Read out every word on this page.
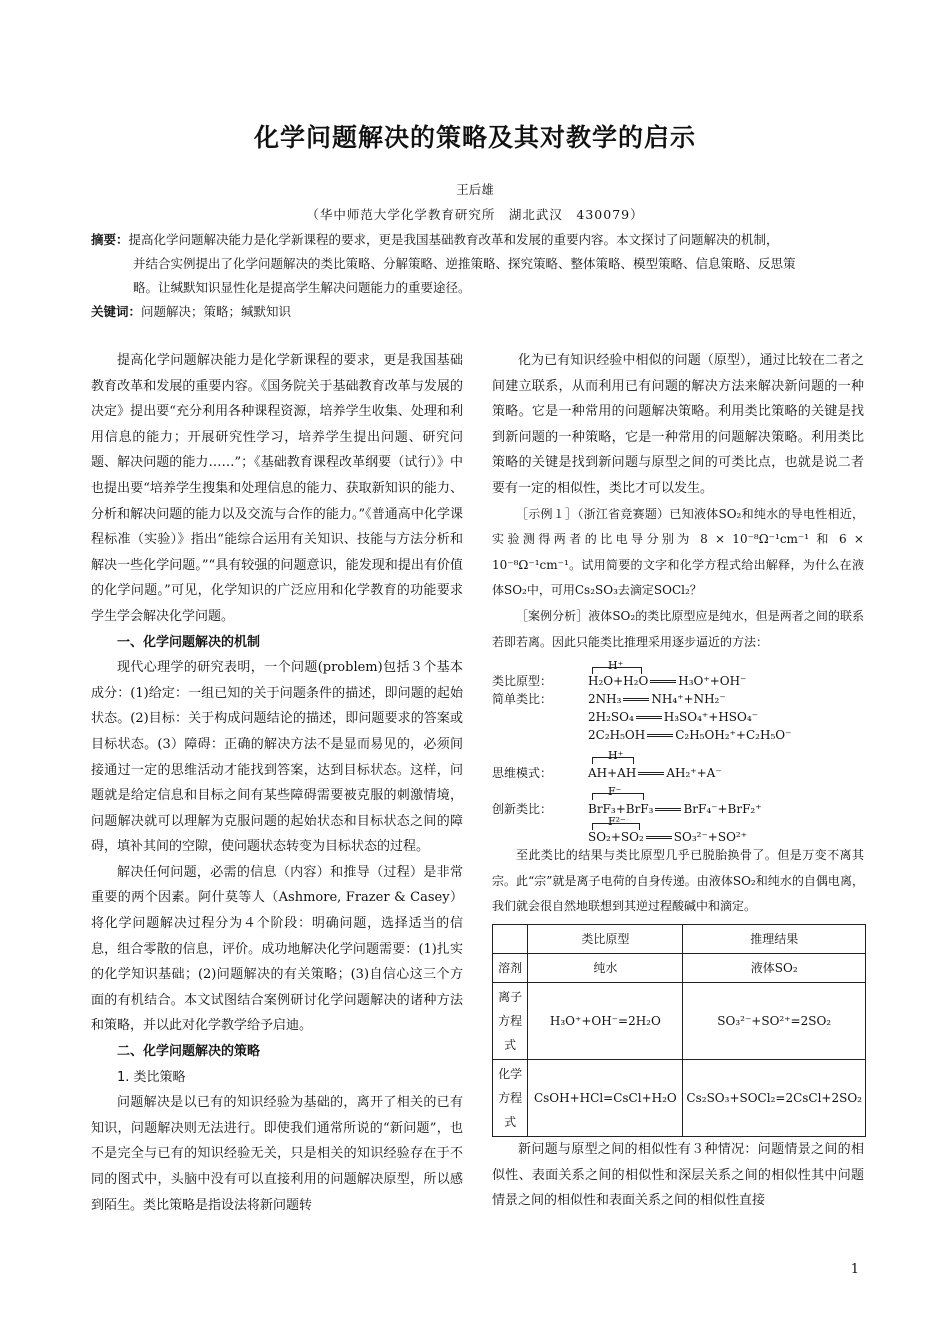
化学问题解决的策略及其对教学的启示
王后雄
（华中师范大学化学教育研究所　湖北武汉　430079）
摘要：提高化学问题解决能力是化学新课程的要求，更是我国基础教育改革和发展的重要内容。本文探讨了问题解决的机制，
并结合实例提出了化学问题解决的类比策略、分解策略、逆推策略、探究策略、整体策略、模型策略、信息策略、反思策
略。让缄默知识显性化是提高学生解决问题能力的重要途径。
关键词：问题解决；策略；缄默知识

提高化学问题解决能力是化学新课程的要求，更是我国基础教育改革和发展的重要内容。《国务院关于基础教育改革与发展的决定》提出要“充分利用各种课程资源，培养学生收集、处理和利用信息的能力；开展研究性学习，培养学生提出问题、研究问题、解决问题的能力……”；《基础教育课程改革纲要（试行）》中也提出要“培养学生搜集和处理信息的能力、获取新知识的能力、分析和解决问题的能力以及交流与合作的能力。”《普通高中化学课程标准（实验）》指出“能综合运用有关知识、技能与方法分析和解决一些化学问题。”“具有较强的问题意识，能发现和提出有价值的化学问题。”可见，化学知识的广泛应用和化学教育的功能要求学生学会解决化学问题。

一、化学问题解决的机制

现代心理学的研究表明，一个问题(problem)包括３个基本成分：(1)给定：一组已知的关于问题条件的描述，即问题的起始状态。(2)目标：关于构成问题结论的描述，即问题要求的答案或目标状态。(3）障碍：正确的解决方法不是显而易见的，必须间接通过一定的思维活动才能找到答案，达到目标状态。这样，问题就是给定信息和目标之间有某些障碍需要被克服的刺激情境，问题解决就可以理解为克服问题的起始状态和目标状态之间的障碍，填补其间的空隙，使问题状态转变为目标状态的过程。

解决任何问题，必需的信息（内容）和推导（过程）是非常重要的两个因素。阿什莫等人（Ashmore, Frazer & Casey）将化学问题解决过程分为４个阶段：明确问题，选择适当的信息，组合零散的信息，评价。成功地解决化学问题需要：(1)扎实的化学知识基础；(2)问题解决的有关策略；(3)自信心这三个方面的有机结合。本文试图结合案例研讨化学问题解决的诸种方法和策略，并以此对化学教学给予启迪。

二、化学问题解决的策略
1. 类比策略

问题解决是以已有的知识经验为基础的，离开了相关的已有知识，问题解决则无法进行。即使我们通常所说的“新问题”，也不是完全与已有的知识经验无关，只是相关的知识经验存在于不同的图式中，头脑中没有可以直接利用的问题解决原型，所以感到陌生。类比策略是指设法将新问题转

化为已有知识经验中相似的问题（原型），通过比较在二者之间建立联系，从而利用已有问题的解决方法来解决新问题的一种策略。它是一种常用的问题解决策略。利用类比策略的关键是找到新问题的一种策略，它是一种常用的问题解决策略。利用类比策略的关键是找到新问题与原型之间的可类比点，也就是说二者要有一定的相似性，类比才可以发生。

［示例１］（浙江省竞赛题）已知液体SO₂和纯水的导电性相近，实验测得两者的比电导分别为 8 × 10⁻⁸Ω⁻¹cm⁻¹ 和 6 × 10⁻⁸Ω⁻¹cm⁻¹。试用简要的文字和化学方程式给出解释，为什么在液体SO₂中，可用Cs₂SO₃去滴定SOCl₂？

［案例分析］液体SO₂的类比原型应是纯水，但是两者之间的联系若即若离。因此只能类比推理采用逐步逼近的方法：

H⁺
类比原型：	H₂O+H₂O	H₃O⁺+OH⁻
简单类比：	2NH₃	NH₄⁺+NH₂⁻
2H₂SO₄	H₃SO₄⁺+HSO₄⁻
2C₂H₅OH	C₂H₅OH₂⁺+C₂H₅O⁻
H⁺
思维模式：	AH+AH	AH₂⁺+A⁻
F⁻
创新类比：	BrF₃+BrF₃	BrF₄⁻+BrF₂⁺
F²⁻
SO₂+SO₂	SO₃²⁻+SO²⁺

至此类比的结果与类比原型几乎已脱胎换骨了。但是万变不离其宗。此“宗”就是离子电荷的自身传递。由液体SO₂和纯水的自偶电离，我们就会很自然地联想到其逆过程酸碱中和滴定。

	类比原型	推理结果
溶剂	纯水	液体SO₂
离子方程式	H₃O⁺+OH⁻=2H₂O	SO₃²⁻+SO²⁺=2SO₂
化学方程式	CsOH+HCl=CsCl+H₂O	Cs₂SO₃+SOCl₂=2CsCl+2SO₂

新问题与原型之间的相似性有３种情况：问题情景之间的相似性、表面关系之间的相似性和深层关系之间的相似性其中问题情景之间的相似性和表面关系之间的相似性直接

1
